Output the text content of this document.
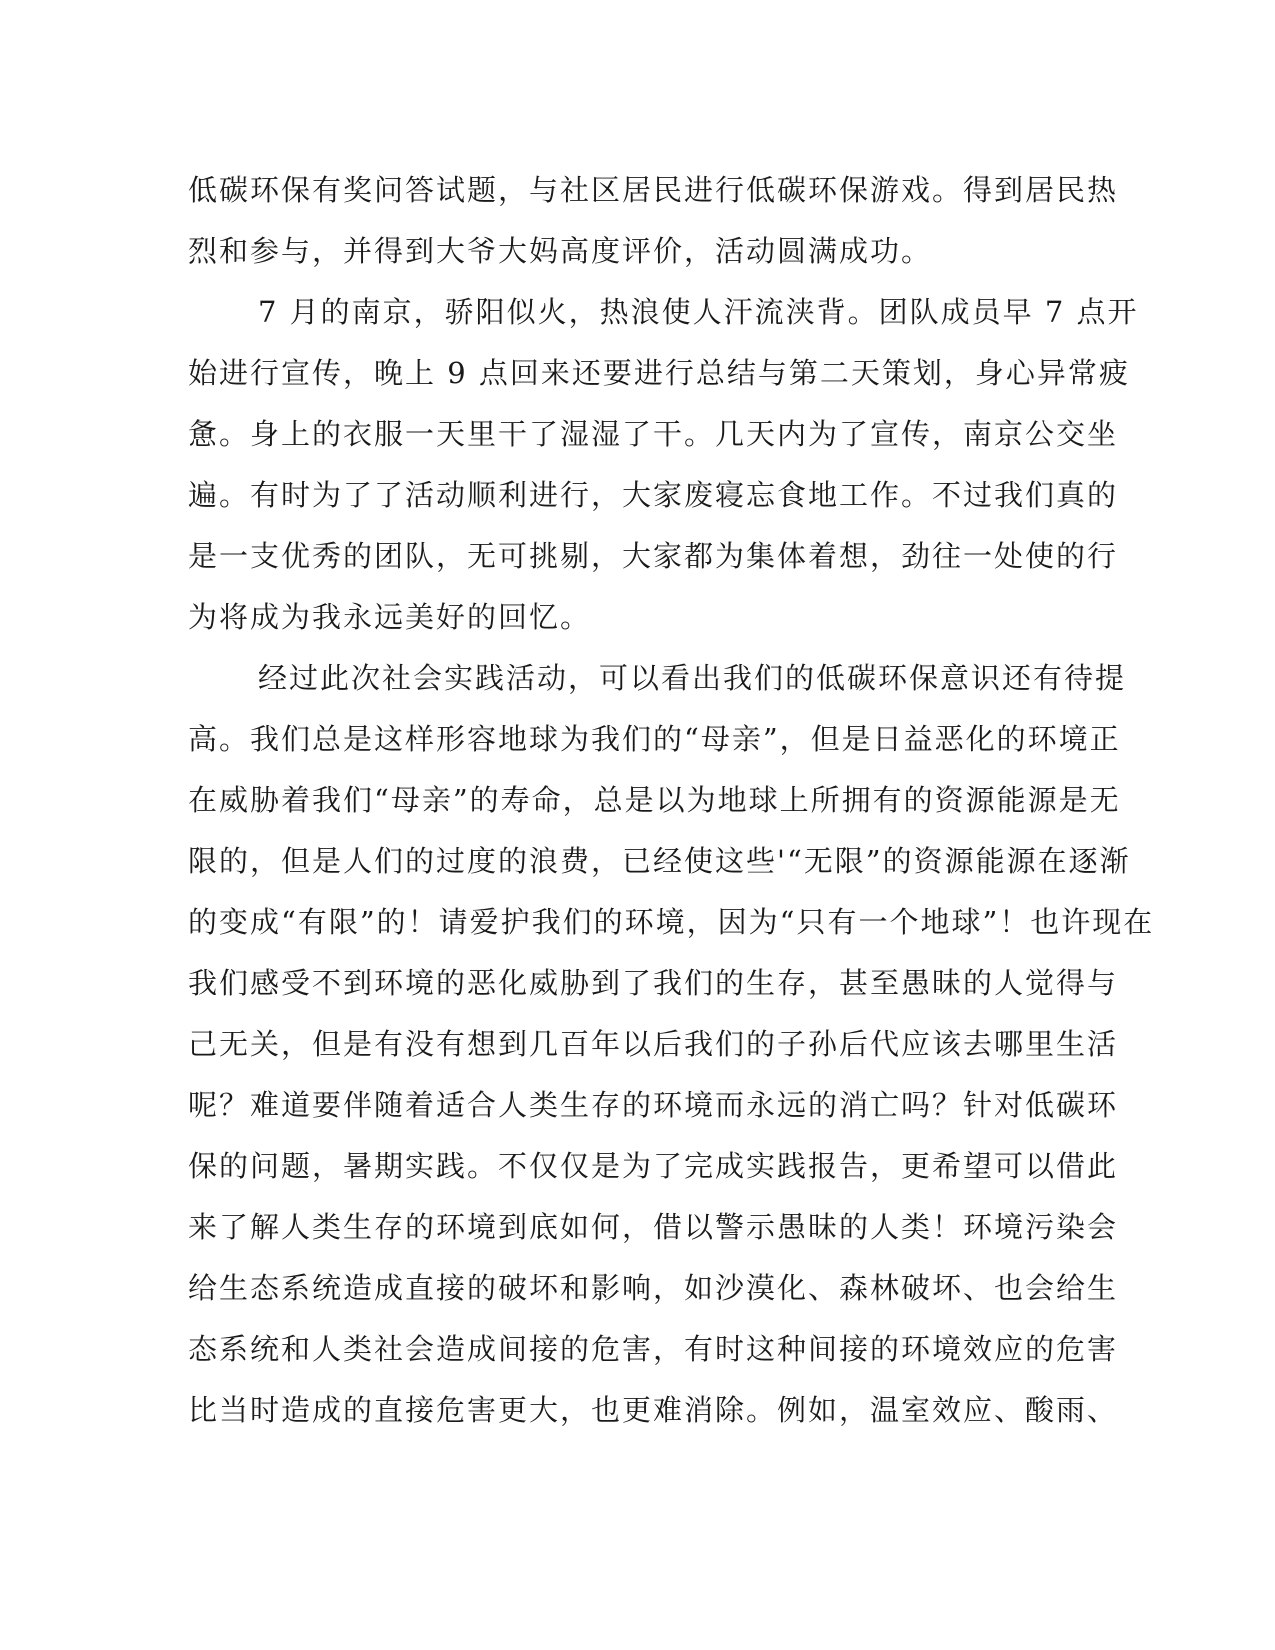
低碳环保有奖问答试题，与社区居民进行低碳环保游戏。得到居民热
烈和参与，并得到大爷大妈高度评价，活动圆满成功。
7 月的南京，骄阳似火，热浪使人汗流浃背。团队成员早 7 点开
始进行宣传，晚上 9 点回来还要进行总结与第二天策划，身心异常疲
惫。身上的衣服一天里干了湿湿了干。几天内为了宣传，南京公交坐
遍。有时为了了活动顺利进行，大家废寝忘食地工作。不过我们真的
是一支优秀的团队，无可挑剔，大家都为集体着想，劲往一处使的行
为将成为我永远美好的回忆。
经过此次社会实践活动，可以看出我们的低碳环保意识还有待提
高。我们总是这样形容地球为我们的“母亲”，但是日益恶化的环境正
在威胁着我们“母亲”的寿命，总是以为地球上所拥有的资源能源是无
限的，但是人们的过度的浪费，已经使这些'“无限”的资源能源在逐渐
的变成“有限”的！请爱护我们的环境，因为“只有一个地球”！也许现在
我们感受不到环境的恶化威胁到了我们的生存，甚至愚昧的人觉得与
己无关，但是有没有想到几百年以后我们的子孙后代应该去哪里生活
呢？难道要伴随着适合人类生存的环境而永远的消亡吗？针对低碳环
保的问题，暑期实践。不仅仅是为了完成实践报告，更希望可以借此
来了解人类生存的环境到底如何，借以警示愚昧的人类！环境污染会
给生态系统造成直接的破坏和影响，如沙漠化、森林破坏、也会给生
态系统和人类社会造成间接的危害，有时这种间接的环境效应的危害
比当时造成的直接危害更大，也更难消除。例如，温室效应、酸雨、
